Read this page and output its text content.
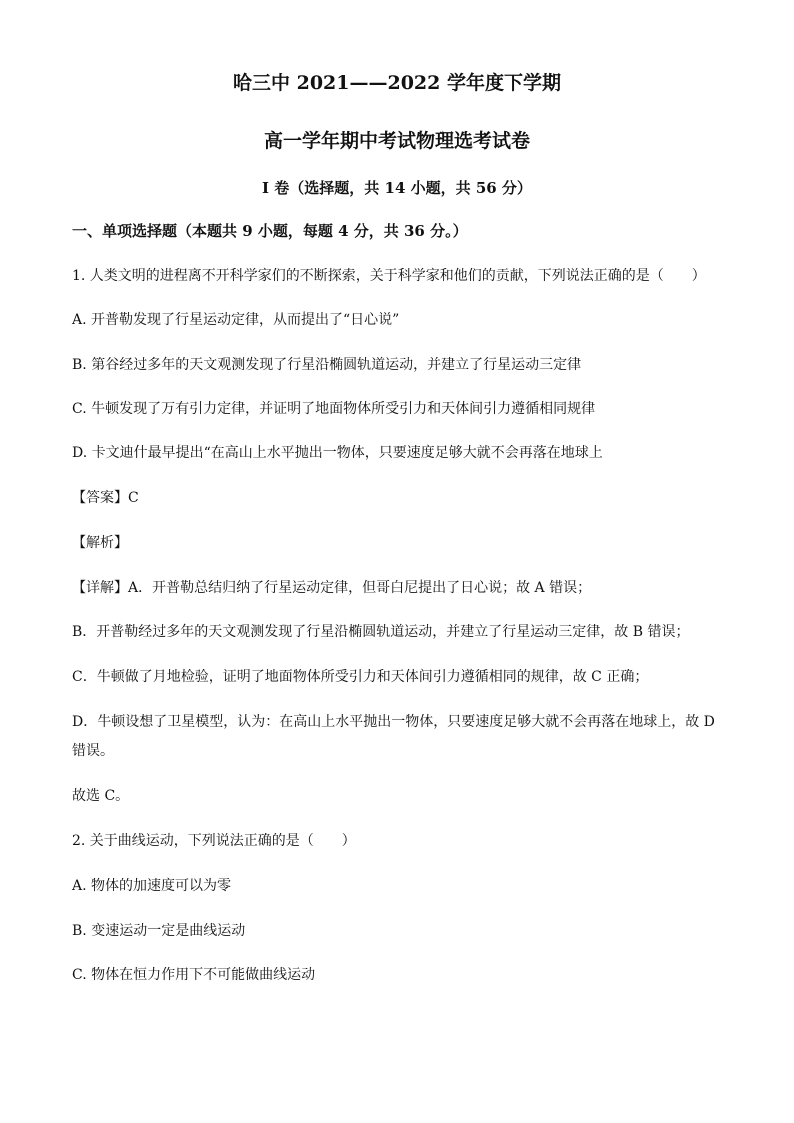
哈三中 2021——2022 学年度下学期
高一学年期中考试物理选考试卷
I 卷（选择题，共 14 小题，共 56 分）
一、单项选择题（本题共 9 小题，每题 4 分，共 36 分。）
1. 人类文明的进程离不开科学家们的不断探索，关于科学家和他们的贡献，下列说法正确的是（　　）
A. 开普勒发现了行星运动定律，从而提出了“日心说”
B. 第谷经过多年的天文观测发现了行星沿椭圆轨道运动，并建立了行星运动三定律
C. 牛顿发现了万有引力定律，并证明了地面物体所受引力和天体间引力遵循相同规律
D. 卡文迪什最早提出“在高山上水平抛出一物体，只要速度足够大就不会再落在地球上
【答案】C
【解析】
【详解】A．开普勒总结归纳了行星运动定律，但哥白尼提出了日心说；故 A 错误；
B．开普勒经过多年的天文观测发现了行星沿椭圆轨道运动，并建立了行星运动三定律，故 B 错误；
C．牛顿做了月地检验，证明了地面物体所受引力和天体间引力遵循相同的规律，故 C 正确；
D．牛顿设想了卫星模型，认为：在高山上水平抛出一物体，只要速度足够大就不会再落在地球上，故 D
错误。
故选 C。
2. 关于曲线运动，下列说法正确的是（　　）
A. 物体的加速度可以为零
B. 变速运动一定是曲线运动
C. 物体在恒力作用下不可能做曲线运动
